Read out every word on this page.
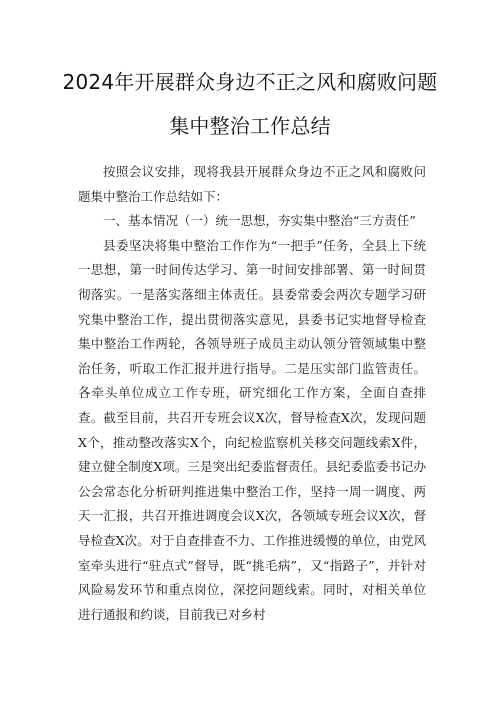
2024年开展群众身边不正之风和腐败问题
集中整治工作总结

按照会议安排，现将我县开展群众身边不正之风和腐败问题集中整治工作总结如下：

一、基本情况（一）统一思想，夯实集中整治“三方责任”

县委坚决将集中整治工作作为“一把手”任务，全县上下统一思想，第一时间传达学习、第一时间安排部署、第一时间贯彻落实。一是落实落细主体责任。县委常委会两次专题学习研究集中整治工作，提出贯彻落实意见，县委书记实地督导检查集中整治工作两轮，各领导班子成员主动认领分管领域集中整治任务，听取工作汇报并进行指导。二是压实部门监管责任。各牵头单位成立工作专班，研究细化工作方案，全面自查排查。截至目前，共召开专班会议X次，督导检查X次，发现问题X个，推动整改落实X个，向纪检监察机关移交问题线索X件，建立健全制度X项。三是突出纪委监督责任。县纪委监委书记办公会常态化分析研判推进集中整治工作，坚持一周一调度、两天一汇报，共召开推进调度会议X次，各领域专班会议X次，督导检查X次。对于自查排查不力、工作推进缓慢的单位，由党风室牵头进行“驻点式”督导，既“挑毛病”，又“指路子”，并针对风险易发环节和重点岗位，深挖问题线索。同时，对相关单位进行通报和约谈，目前我已对乡村
